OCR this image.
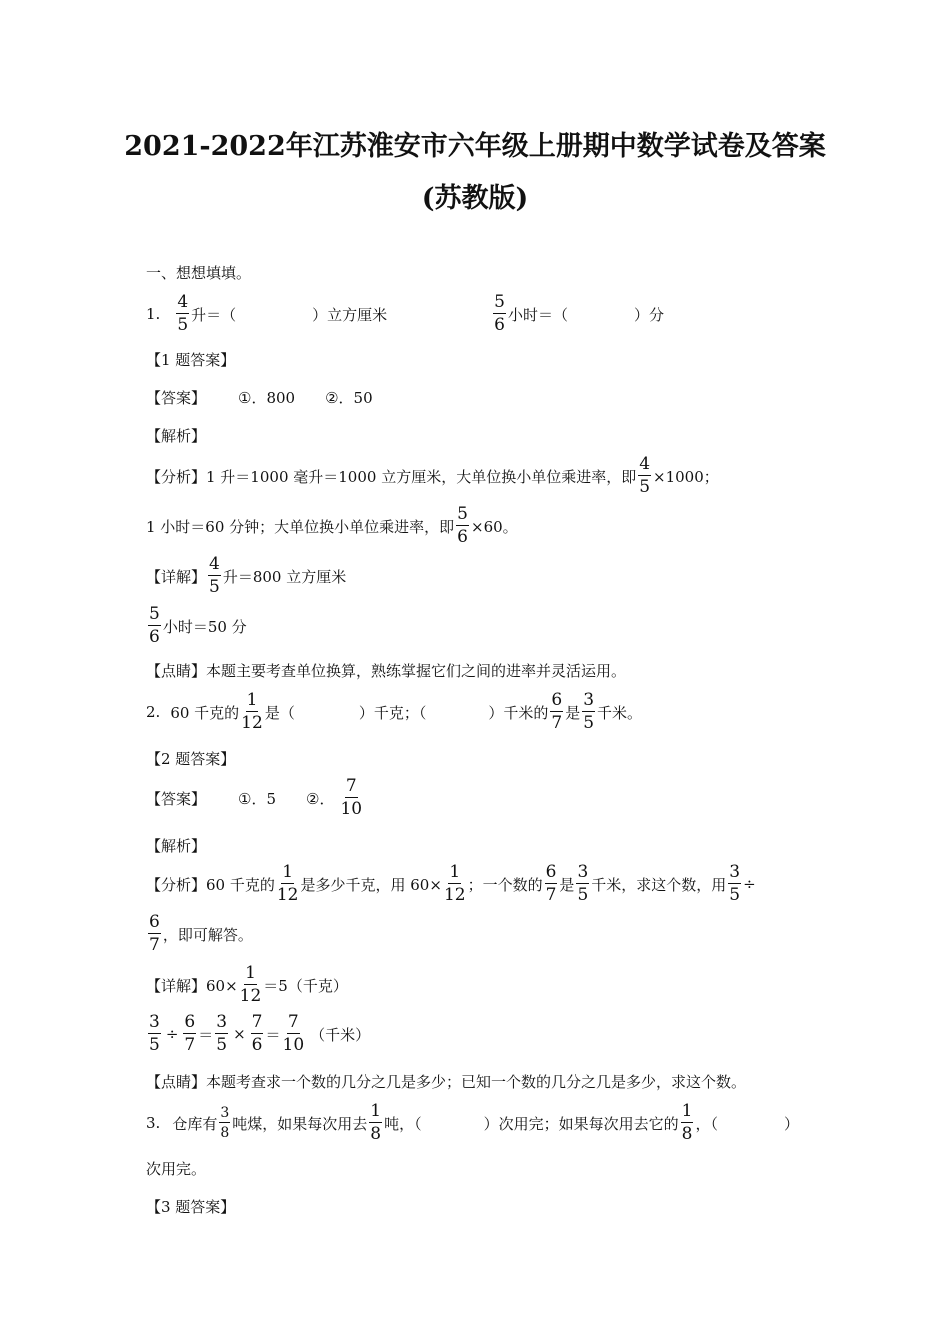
2021-2022年江苏淮安市六年级上册期中数学试卷及答案
(苏教版)
一、想想填填。
1. $\frac{4}{5}$ 升＝（	）立方厘米	$\frac{5}{6}$ 小时＝（	）分
【1 题答案】
【答案】 ①．800 ②．50
【解析】
【分析】1 升＝1000 毫升＝1000 立方厘米，大单位换小单位乘进率，即 $\frac{4}{5} \times 1000$；
1 小时＝60 分钟；大单位换小单位乘进率，即 $\frac{5}{6} \times 60$。
【详解】 $\frac{4}{5}$ 升＝800 立方厘米
$\frac{5}{6}$ 小时＝50 分
【点睛】本题主要考查单位换算，熟练掌握它们之间的进率并灵活运用。
2. 60 千克的 $\frac{1}{12}$ 是（	）千克；（	）千米的 $\frac{6}{7}$ 是 $\frac{3}{5}$ 千米。
【2 题答案】
【答案】 ①．5 ②． $\frac{7}{10}$
【解析】
【分析】60 千克的 $\frac{1}{12}$ 是多少千克，用 $60\times \frac{1}{12}$ ；一个数的 $\frac{6}{7}$ 是 $\frac{3}{5}$ 千米，求这个数，用 $\frac{3}{5}$ ÷
$\frac{6}{7}$ ，即可解答。
【详解】$60\times \frac{1}{12} =5$（千克）
$\frac{3}{5} \div \frac{6}{7} = \frac{3}{5} \times \frac{7}{6} = \frac{7}{10}$ （千米）
【点睛】本题考查求一个数的几分之几是多少；已知一个数的几分之几是多少，求这个数。
3. 仓库有 $\frac{3}{8}$ 吨煤，如果每次用去 $\frac{1}{8}$ 吨，（	）次用完；如果每次用去它的 $\frac{1}{8}$ ，（	）
次用完。
【3 题答案】
